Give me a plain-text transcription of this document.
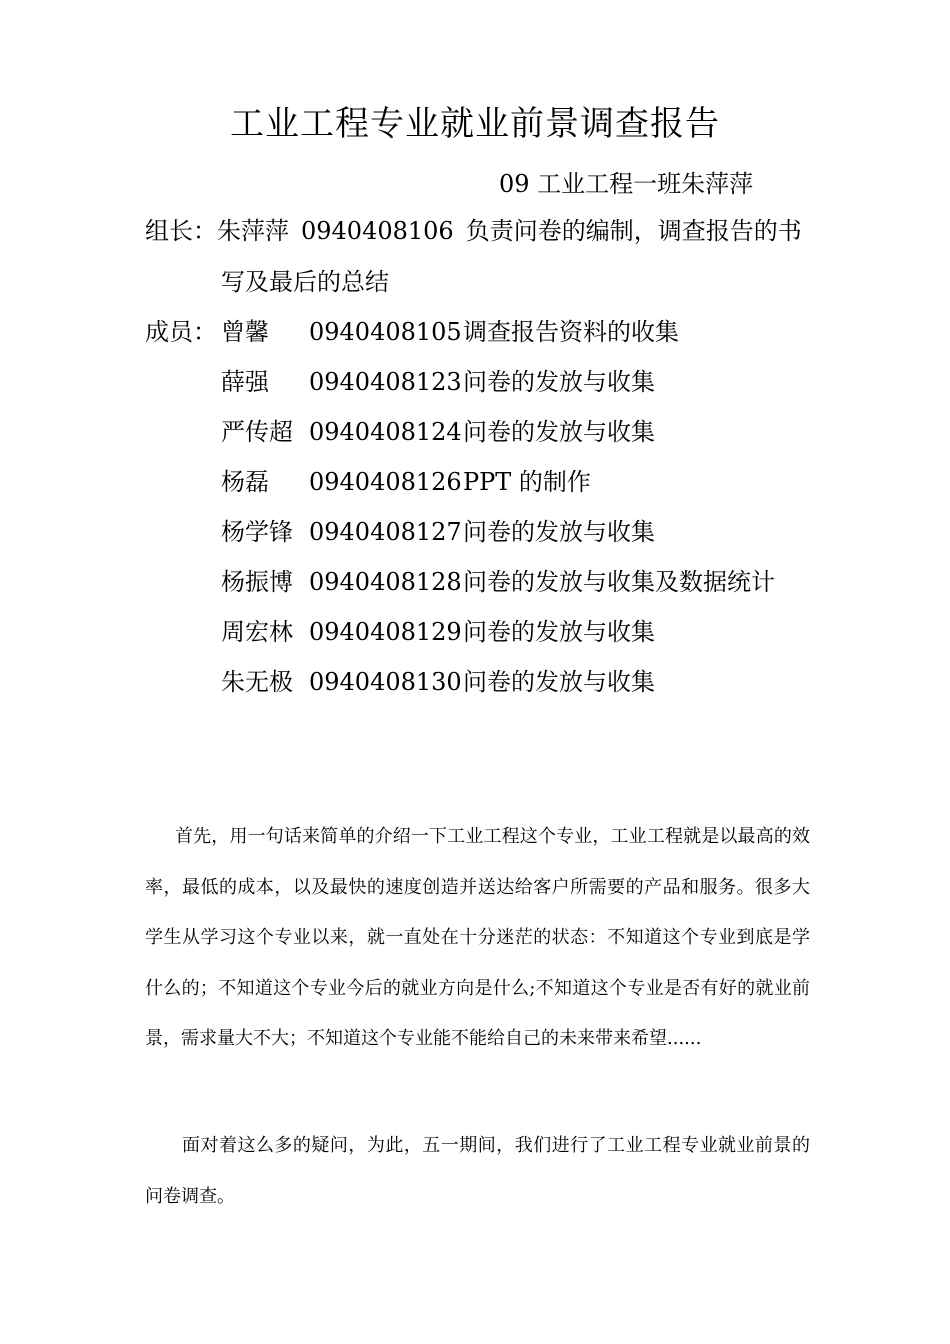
工业工程专业就业前景调查报告
09 工业工程一班朱萍萍
组长：朱萍萍 0940408106 负责问卷的编制，调查报告的书
写及最后的总结
成员： 曾馨 0940408105 调查报告资料的收集
薛强 0940408123 问卷的发放与收集
严传超 0940408124 问卷的发放与收集
杨磊 0940408126 PPT 的制作
杨学锋 0940408127 问卷的发放与收集
杨振博 0940408128 问卷的发放与收集及数据统计
周宏林 0940408129 问卷的发放与收集
朱无极 0940408130 问卷的发放与收集

首先，用一句话来简单的介绍一下工业工程这个专业，工业工程就是以最高的效率，最低的成本，以及最快的速度创造并送达给客户所需要的产品和服务。很多大学生从学习这个专业以来，就一直处在十分迷茫的状态：不知道这个专业到底是学什么的；不知道这个专业今后的就业方向是什么;不知道这个专业是否有好的就业前景，需求量大不大；不知道这个专业能不能给自己的未来带来希望......

面对着这么多的疑问，为此，五一期间，我们进行了工业工程专业就业前景的问卷调查。
